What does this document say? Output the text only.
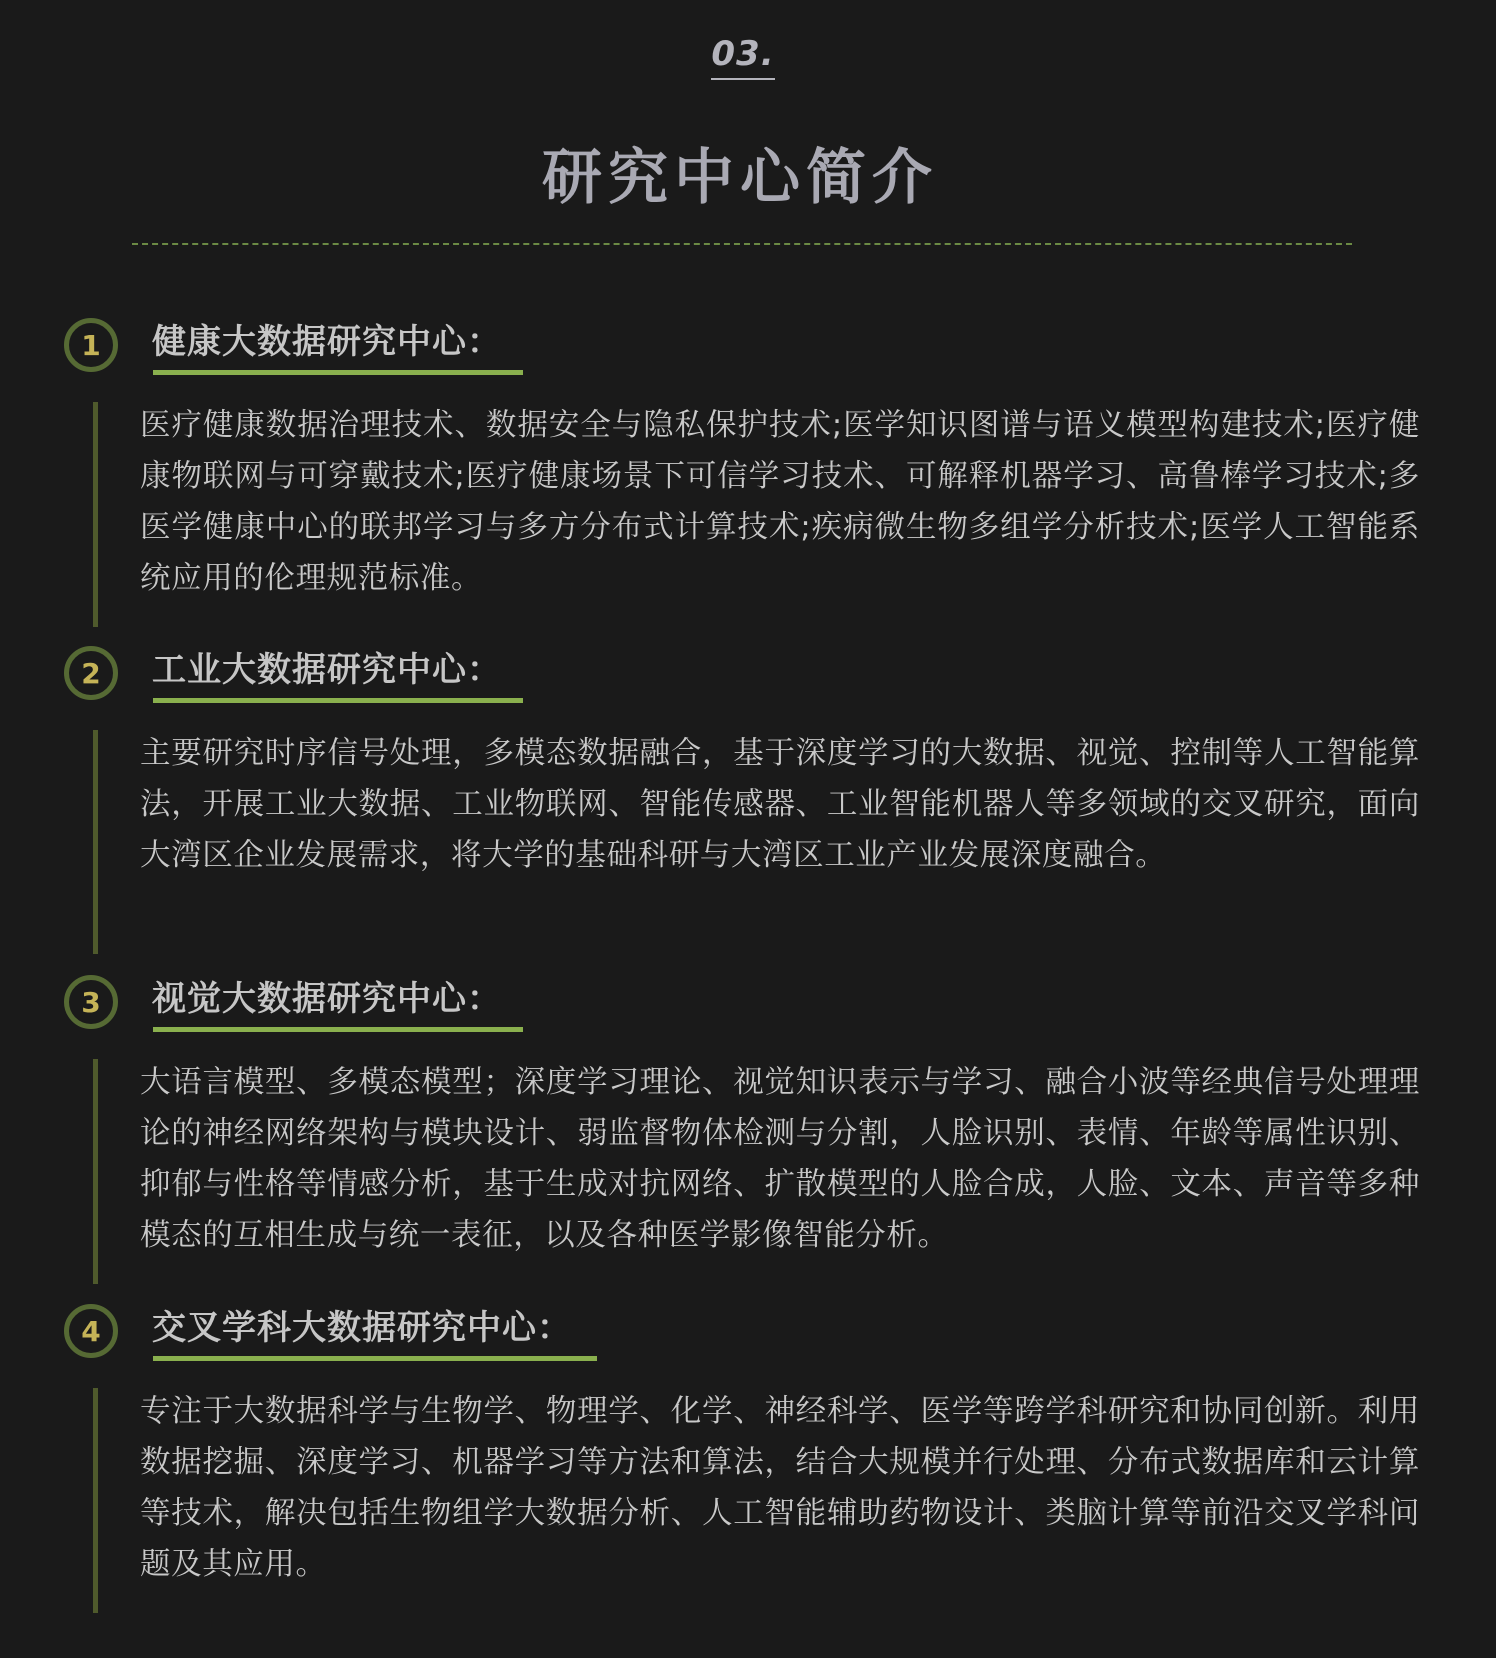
03.
研究中心简介
1	健康大数据研究中心：

医疗健康数据治理技术、数据安全与隐私保护技术;医学知识图谱与语义模型构建技术;医疗健康物联网与可穿戴技术;医疗健康场景下可信学习技术、可解释机器学习、高鲁棒学习技术;多医学健康中心的联邦学习与多方分布式计算技术;疾病微生物多组学分析技术;医学人工智能系统应用的伦理规范标准。

2	工业大数据研究中心：

主要研究时序信号处理，多模态数据融合，基于深度学习的大数据、视觉、控制等人工智能算法，开展工业大数据、工业物联网、智能传感器、工业智能机器人等多领域的交叉研究，面向大湾区企业发展需求，将大学的基础科研与大湾区工业产业发展深度融合。

3	视觉大数据研究中心：

大语言模型、多模态模型；深度学习理论、视觉知识表示与学习、融合小波等经典信号处理理论的神经网络架构与模块设计、弱监督物体检测与分割，人脸识别、表情、年龄等属性识别、抑郁与性格等情感分析，基于生成对抗网络、扩散模型的人脸合成，人脸、文本、声音等多种模态的互相生成与统一表征，以及各种医学影像智能分析。

4	交叉学科大数据研究中心：

专注于大数据科学与生物学、物理学、化学、神经科学、医学等跨学科研究和协同创新。利用数据挖掘、深度学习、机器学习等方法和算法，结合大规模并行处理、分布式数据库和云计算等技术，解决包括生物组学大数据分析、人工智能辅助药物设计、类脑计算等前沿交叉学科问题及其应用。
